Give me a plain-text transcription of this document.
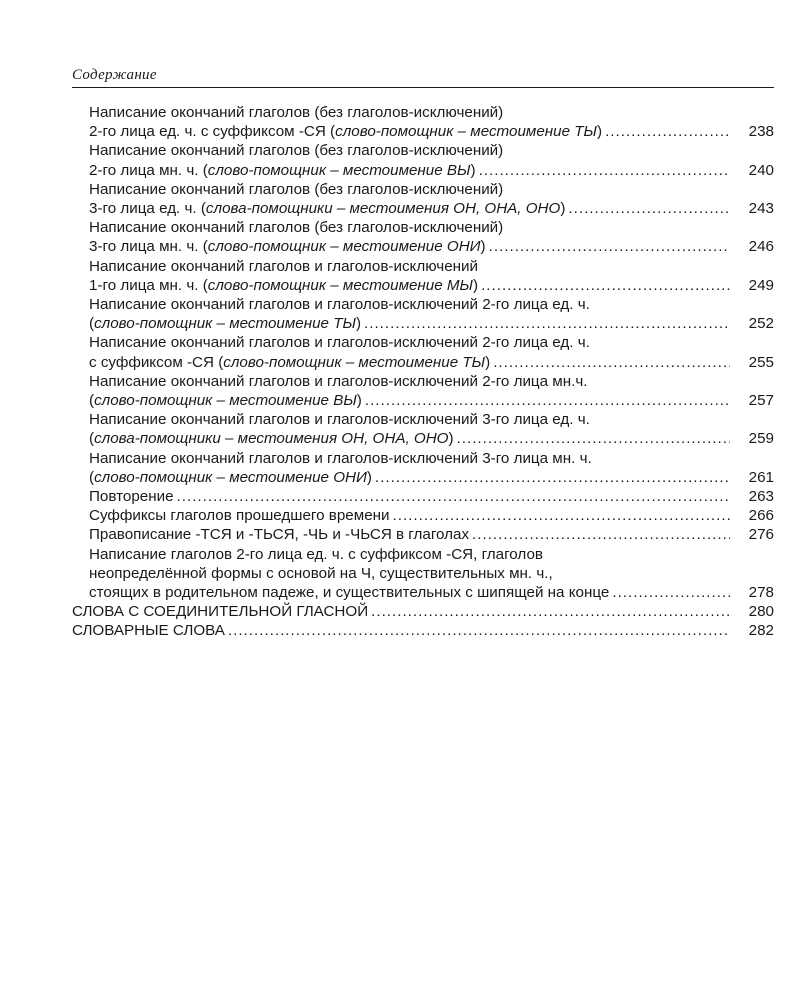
Содержание
Написание окончаний глаголов (без глаголов-исключений)
2-го лица ед. ч. с суффиксом -СЯ (слово-помощник – местоимение ТЫ) .....	238
Написание окончаний глаголов (без глаголов-исключений)
2-го лица мн. ч. (слово-помощник – местоимение ВЫ) .....	240
Написание окончаний глаголов (без глаголов-исключений)
3-го лица ед. ч. (слова-помощники – местоимения ОН, ОНА, ОНО) .....	243
Написание окончаний глаголов (без глаголов-исключений)
3-го лица мн. ч. (слово-помощник – местоимение ОНИ) .....	246
Написание окончаний глаголов и глаголов-исключений
1-го лица мн. ч. (слово-помощник – местоимение МЫ) .....	249
Написание окончаний глаголов и глаголов-исключений 2-го лица ед. ч.
(слово-помощник – местоимение ТЫ) .....	252
Написание окончаний глаголов и глаголов-исключений 2-го лица ед. ч.
с суффиксом -СЯ (слово-помощник – местоимение ТЫ) .....	255
Написание окончаний глаголов и глаголов-исключений 2-го лица мн.ч.
(слово-помощник – местоимение ВЫ) .....	257
Написание окончаний глаголов и глаголов-исключений 3-го лица ед. ч.
(слова-помощники – местоимения ОН, ОНА, ОНО) .....	259
Написание окончаний глаголов и глаголов-исключений 3-го лица мн. ч.
(слово-помощник – местоимение ОНИ) .....	261
Повторение .....	263
Суффиксы глаголов прошедшего времени .....	266
Правописание -ТСЯ и -ТЬСЯ, -ЧЬ и -ЧЬСЯ в глаголах .....	276
Написание глаголов 2-го лица ед. ч. с суффиксом -СЯ, глаголов
неопределённой формы с основой на Ч, существительных мн. ч.,
стоящих в родительном падеже, и существительных с шипящей на конце .....	278
СЛОВА С СОЕДИНИТЕЛЬНОЙ ГЛАСНОЙ .....	280
СЛОВАРНЫЕ СЛОВА .....	282
